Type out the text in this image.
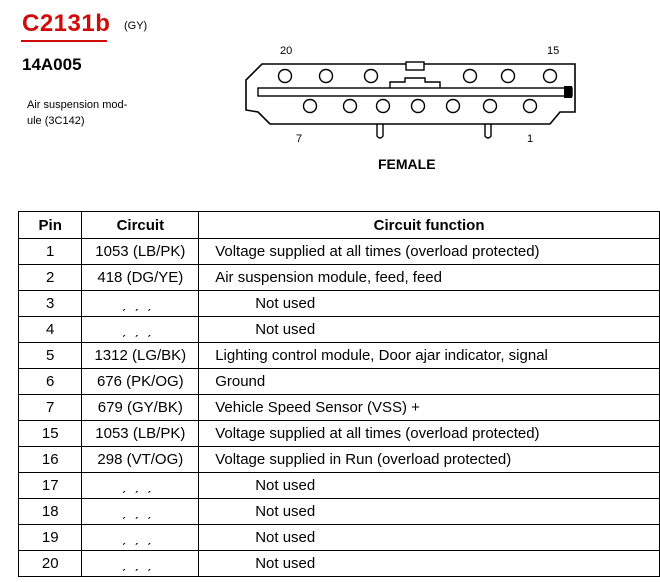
C2131b (GY)
14A005
Air suspension mod-
ule (3C142)
20	15
7	1
FEMALE
Pin	Circuit	Circuit function
1	1053 (LB/PK)	Voltage supplied at all times (overload protected)
2	418 (DG/YE)	Air suspension module, feed, feed
3	ˏˏˏ	Not used
4	ˏˏˏ	Not used
5	1312 (LG/BK)	Lighting control module, Door ajar indicator, signal
6	676 (PK/OG)	Ground
7	679 (GY/BK)	Vehicle Speed Sensor (VSS) +
15	1053 (LB/PK)	Voltage supplied at all times (overload protected)
16	298 (VT/OG)	Voltage supplied in Run (overload protected)
17	ˏˏˏ	Not used
18	ˏˏˏ	Not used
19	ˏˏˏ	Not used
20	ˏˏˏ	Not used
